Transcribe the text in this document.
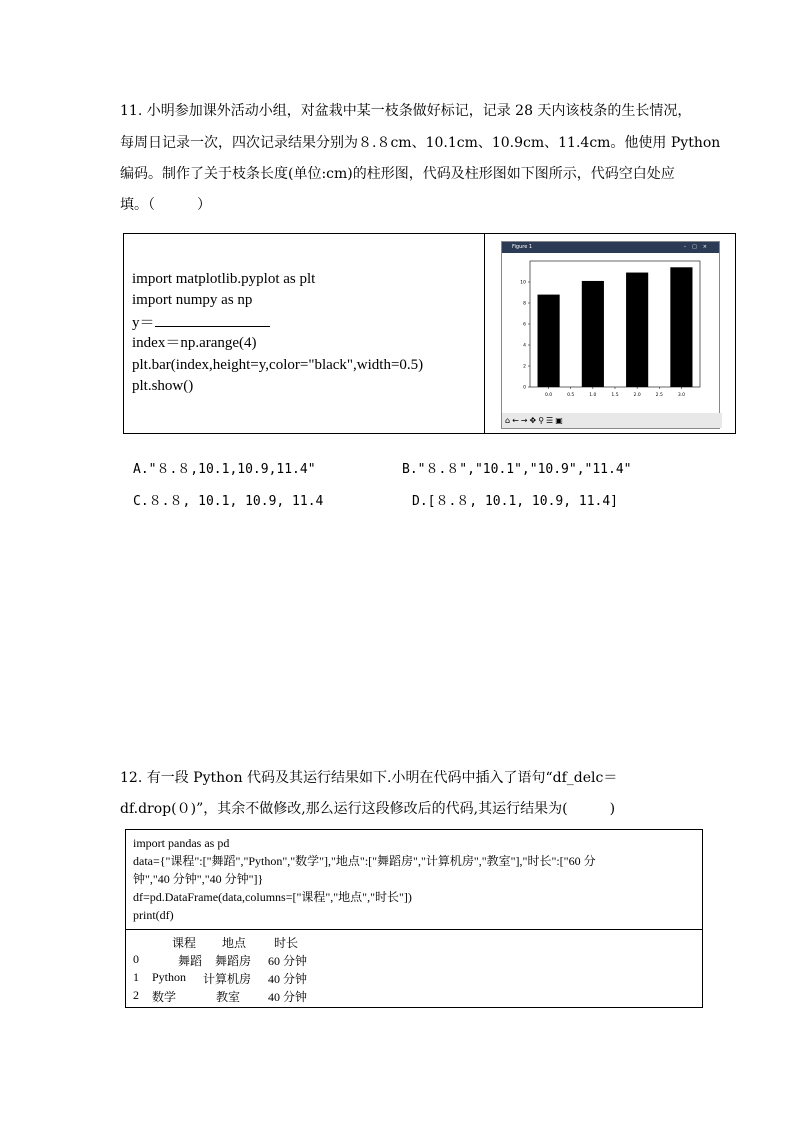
11. 小明参加课外活动小组，对盆栽中某一枝条做好标记，记录 28 天内该枝条的生长情况，
每周日记录一次，四次记录结果分别为８.８cm、10.1cm、10.9cm、11.4cm。他使用 Python
编码。制作了关于枝条长度(单位:cm)的柱形图，代码及柱形图如下图所示，代码空白处应
填。（　　　）
import matplotlib.pyplot as plt
import numpy as np
y＝
index＝np.arange(4)
plt.bar(index,height=y,color="black",width=0.5)
plt.show()
Figure 1	–□×
0.0	0.5	1.0	1.5	2.0	2.5	3.0
0
2
4
6
8
10
⌂ ← → ✥ ⚲ ☰ ▣
A."８.８,10.1,10.9,11.4"	B."８.８","10.1","10.9","11.4"
C.８.８, 10.1, 10.9, 11.4	D.[８.８, 10.1, 10.9, 11.4]
12. 有一段 Python 代码及其运行结果如下.小明在代码中插入了语句“df_delc＝
df.drop(０)”，其余不做修改,那么运行这段修改后的代码,其运行结果为(　　　)
import pandas as pd
data={"课程":["舞蹈","Python","数学"],"地点":["舞蹈房","计算机房","教室"],"时长":["60 分
钟","40 分钟","40 分钟"]}
df=pd.DataFrame(data,columns=["课程","地点","时长"])
print(df)
课程 地点 时长
0	舞蹈 舞蹈房 60 分钟
1 Python 计算机房 40 分钟
2 数学	教室 40 分钟
